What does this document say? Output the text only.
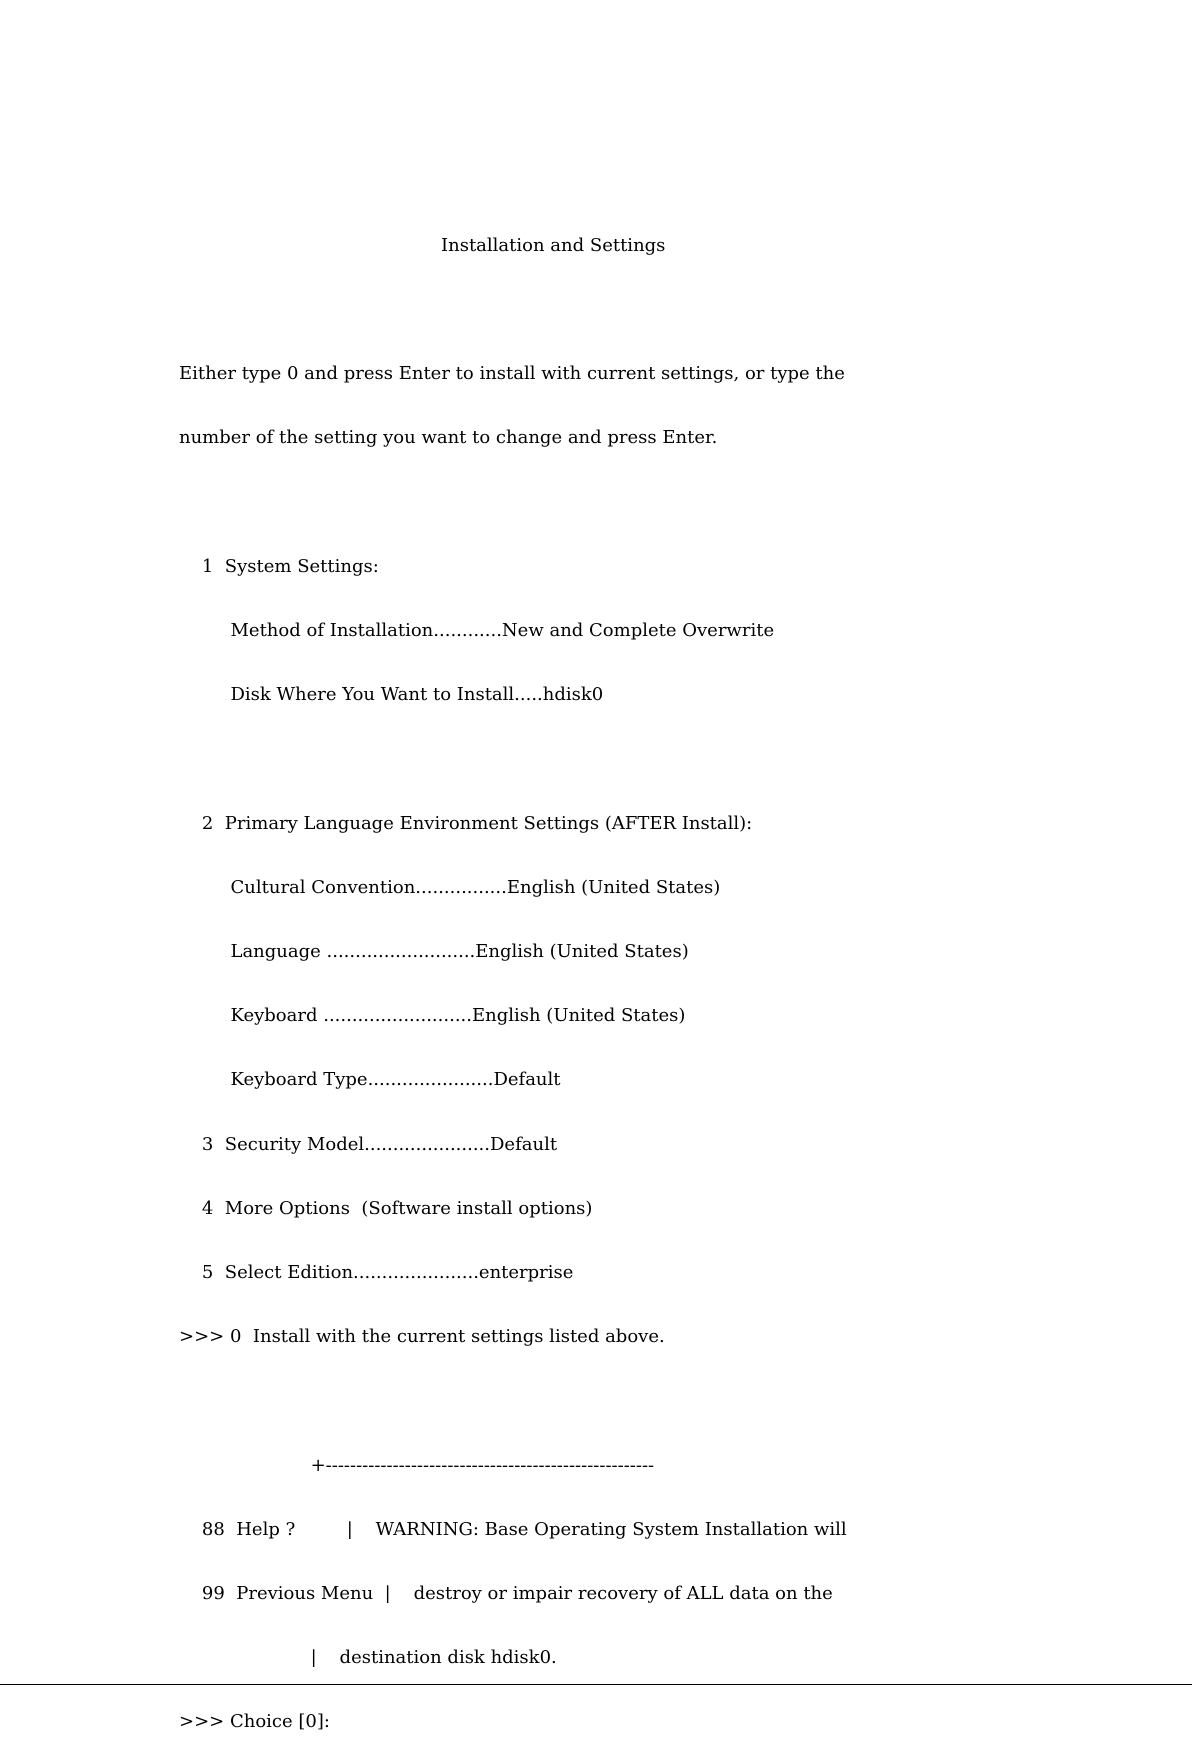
Installation and Settings

Either type 0 and press Enter to install with current settings, or type the

number of the setting you want to change and press Enter.

1  System Settings:

Method of Installation............New and Complete Overwrite

Disk Where You Want to Install.....hdisk0

2  Primary Language Environment Settings (AFTER Install):

Cultural Convention................English (United States)

Language ..........................English (United States)

Keyboard ..........................English (United States)

Keyboard Type......................Default

3  Security Model......................Default

4  More Options  (Software install options)

5  Select Edition......................enterprise

>>> 0  Install with the current settings listed above.

+------------------------------------------------------

88  Help ?         |    WARNING: Base Operating System Installation will

99  Previous Menu  |    destroy or impair recovery of ALL data on the

|    destination disk hdisk0.

>>> Choice [0]:
